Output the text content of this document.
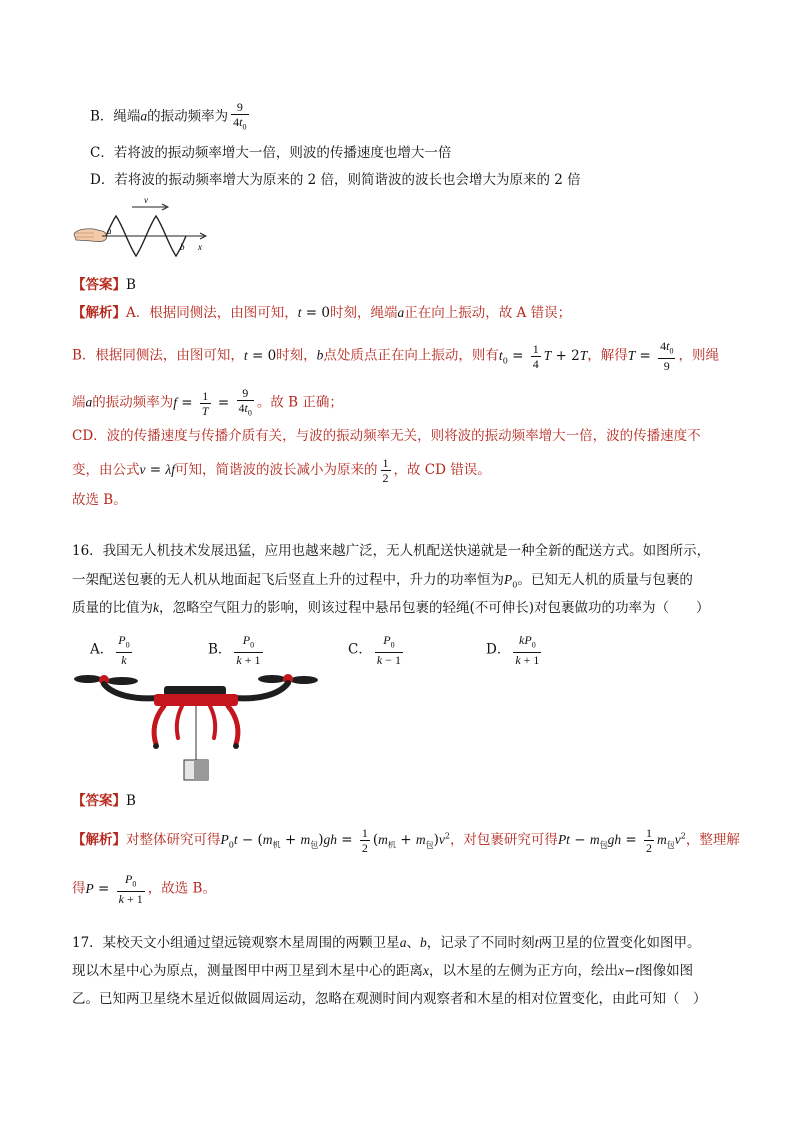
B．绳端a的振动频率为 $\frac{9}{4t_0}$
C．若将波的振动频率增大一倍，则波的传播速度也增大一倍
D．若将波的振动频率增大为原来的 2 倍，则简谐波的波长也会增大为原来的 2 倍
v
a
b x
【答案】B
【解析】A．根据同侧法，由图可知，t = 0时刻，绳端a正在向上振动，故 A 错误；
B．根据同侧法，由图可知，t = 0时刻，b点处质点正在向上振动，则有$t_0 = \frac{1}{4}$ T + 2T，解得$T = \frac{4t_0}{9}$ ，则绳
端a的振动频率为$f = \frac{1}{T} = \frac{9}{4t_0}$ 。故 B 正确；
CD．波的传播速度与传播介质有关，与波的振动频率无关，则将波的振动频率增大一倍，波的传播速度不
变，由公式v = λf可知，简谐波的波长减小为原来的 $\frac{1}{2}$ ，故 CD 错误。
故选 B。
16．我国无人机技术发展迅猛，应用也越来越广泛，无人机配送快递就是一种全新的配送方式。如图所示，
一架配送包裹的无人机从地面起飞后竖直上升的过程中，升力的功率恒为$P_0$。已知无人机的质量与包裹的
质量的比值为k，忽略空气阻力的影响，则该过程中悬吊包裹的轻绳(不可伸长)对包裹做功的功率为（　　）
A． $\frac{P_0}{k}$	B． $\frac{P_0}{k + 1}$	C． $\frac{P_0}{k - 1}$	D． $\frac{kP_0}{k + 1}$
【答案】B
【解析】对整体研究可得$P_0t - (m_机 + m_包)gh = \frac{1}{2} (m_机 + m_包)v^2$，对包裹研究可得$Pt - m_包gh = \frac{1}{2} m_包v^2$，整理解
得$P = \frac{P_0}{k + 1}$ ，故选 B。
17．某校天文小组通过望远镜观察木星周围的两颗卫星a、b，记录了不同时刻t两卫星的位置变化如图甲。
现以木星中心为原点，测量图甲中两卫星到木星中心的距离x，以木星的左侧为正方向，绘出x−t图像如图
乙。已知两卫星绕木星近似做圆周运动，忽略在观测时间内观察者和木星的相对位置变化，由此可知（　）
